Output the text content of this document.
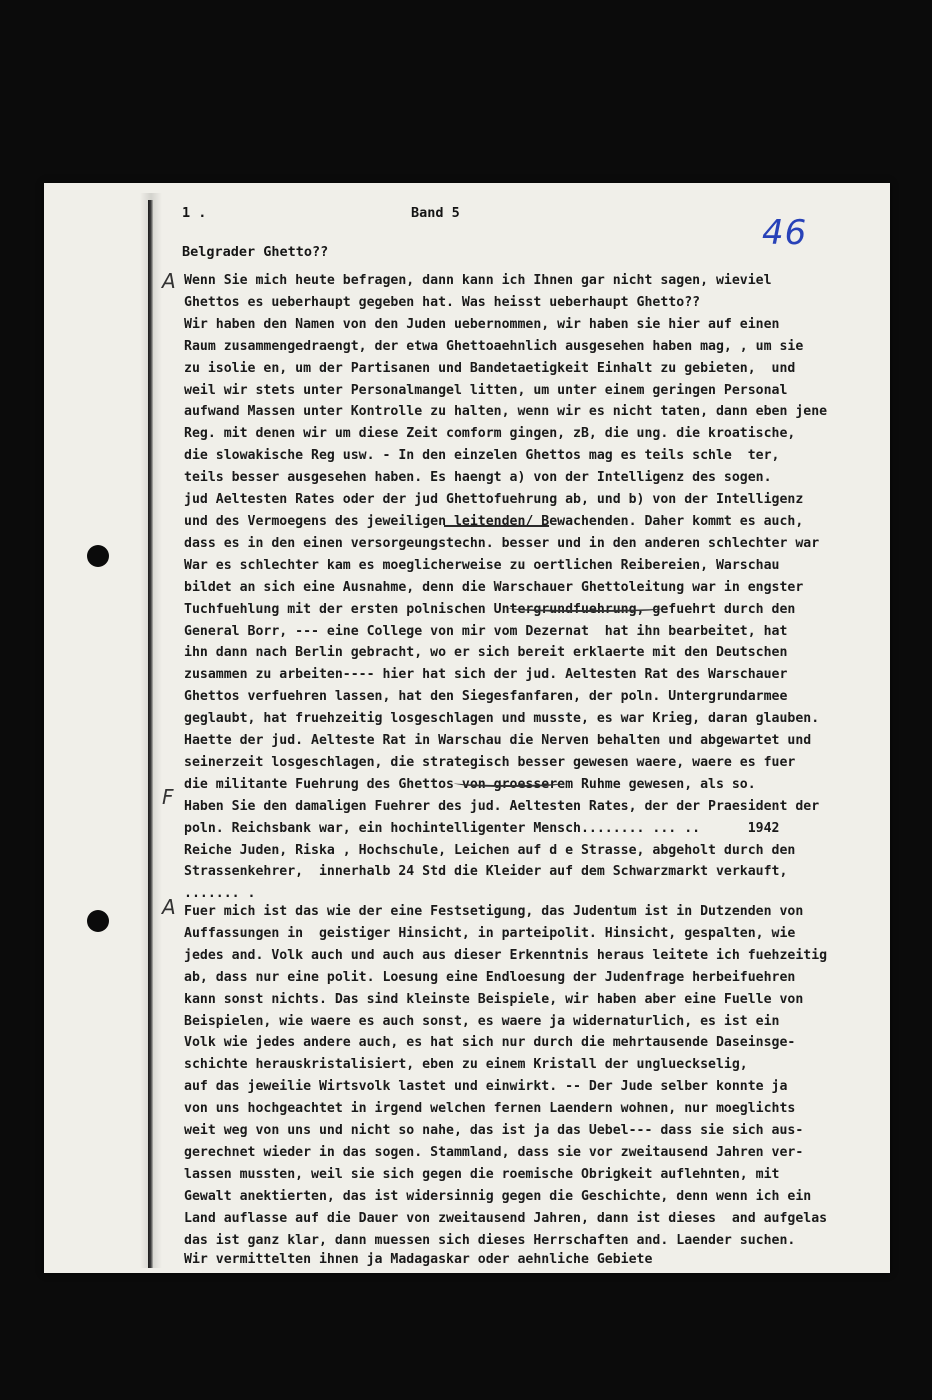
46
1 .	Band 5
Belgrader Ghetto??
A
F
A
Wenn Sie mich heute befragen, dann kann ich Ihnen gar nicht sagen, wieviel
Ghettos es ueberhaupt gegeben hat. Was heisst ueberhaupt Ghetto??
Wir haben den Namen von den Juden uebernommen, wir haben sie hier auf einen
Raum zusammengedraengt, der etwa Ghettoaehnlich ausgesehen haben mag, , um sie
zu isolie en, um der Partisanen und Bandetaetigkeit Einhalt zu gebieten,  und
weil wir stets unter Personalmangel litten, um unter einem geringen Personal
aufwand Massen unter Kontrolle zu halten, wenn wir es nicht taten, dann eben jene
Reg. mit denen wir um diese Zeit comform gingen, zB, die ung. die kroatische,
die slowakische Reg usw. - In den einzelen Ghettos mag es teils schle  ter,
teils besser ausgesehen haben. Es haengt a) von der Intelligenz des sogen.
jud Aeltesten Rates oder der jud Ghettofuehrung ab, und b) von der Intelligenz
und des Vermoegens des jeweiligen leitenden/ Bewachenden. Daher kommt es auch,
dass es in den einen versorgeungstechn. besser und in den anderen schlechter war
War es schlechter kam es moeglicherweise zu oertlichen Reibereien, Warschau
bildet an sich eine Ausnahme, denn die Warschauer Ghettoleitung war in engster
Tuchfuehlung mit der ersten polnischen Untergrundfuehrung, gefuehrt durch den
General Borr, --- eine College von mir vom Dezernat  hat ihn bearbeitet, hat
ihn dann nach Berlin gebracht, wo er sich bereit erklaerte mit den Deutschen
zusammen zu arbeiten---- hier hat sich der jud. Aeltesten Rat des Warschauer
Ghettos verfuehren lassen, hat den Siegesfanfaren, der poln. Untergrundarmee
geglaubt, hat fruehzeitig losgeschlagen und musste, es war Krieg, daran glauben.
Haette der jud. Aelteste Rat in Warschau die Nerven behalten und abgewartet und
seinerzeit losgeschlagen, die strategisch besser gewesen waere, waere es fuer
die militante Fuehrung des Ghettos von groesserem Ruhme gewesen, als so.
Haben Sie den damaligen Fuehrer des jud. Aeltesten Rates, der der Praesident der
poln. Reichsbank war, ein hochintelligenter Mensch........ ... ..      1942
Reiche Juden, Riska , Hochschule, Leichen auf d e Strasse, abgeholt durch den
Strassenkehrer,  innerhalb 24 Std die Kleider auf dem Schwarzmarkt verkauft,
....... .

Fuer mich ist das wie der eine Festsetigung, das Judentum ist in Dutzenden von
Auffassungen in  geistiger Hinsicht, in parteipolit. Hinsicht, gespalten, wie
jedes and. Volk auch und auch aus dieser Erkenntnis heraus leitete ich fuehzeitig
ab, dass nur eine polit. Loesung eine Endloesung der Judenfrage herbeifuehren
kann sonst nichts. Das sind kleinste Beispiele, wir haben aber eine Fuelle von
Beispielen, wie waere es auch sonst, es waere ja widernaturlich, es ist ein
Volk wie jedes andere auch, es hat sich nur durch die mehrtausende Daseinsge-
schichte herauskristalisiert, eben zu einem Kristall der unglueckselig,
auf das jeweilie Wirtsvolk lastet und einwirkt. -- Der Jude selber konnte ja
von uns hochgeachtet in irgend welchen fernen Laendern wohnen, nur moeglichts
weit weg von uns und nicht so nahe, das ist ja das Uebel--- dass sie sich aus-
gerechnet wieder in das sogen. Stammland, dass sie vor zweitausend Jahren ver-
lassen mussten, weil sie sich gegen die roemische Obrigkeit auflehnten, mit
Gewalt anektierten, das ist widersinnig gegen die Geschichte, denn wenn ich ein
Land auflasse auf die Dauer von zweitausend Jahren, dann ist dieses  and aufgelas
das ist ganz klar, dann muessen sich dieses Herrschaften and. Laender suchen.

Wir vermittelten ihnen ja Madagaskar oder aehnliche Gebiete
